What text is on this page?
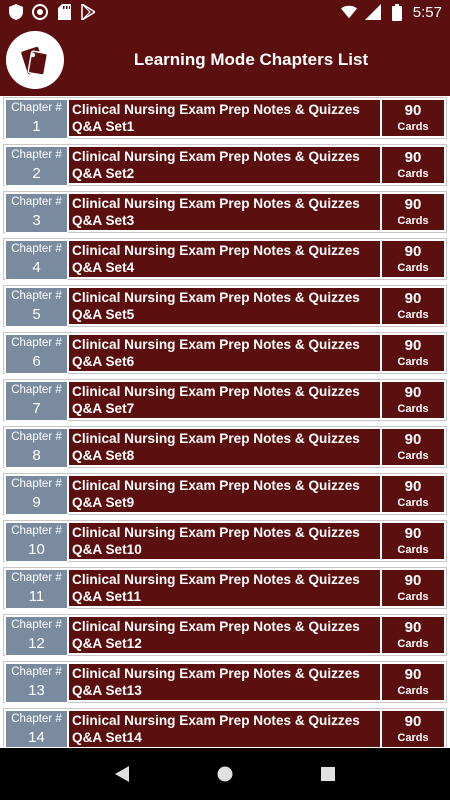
5:57
Learning Mode Chapters List
Chapter #
1
Clinical Nursing Exam Prep Notes & Quizzes Q&A Set1
90
Cards
Chapter #
2
Clinical Nursing Exam Prep Notes & Quizzes Q&A Set2
90
Cards
Chapter #
3
Clinical Nursing Exam Prep Notes & Quizzes Q&A Set3
90
Cards
Chapter #
4
Clinical Nursing Exam Prep Notes & Quizzes Q&A Set4
90
Cards
Chapter #
5
Clinical Nursing Exam Prep Notes & Quizzes Q&A Set5
90
Cards
Chapter #
6
Clinical Nursing Exam Prep Notes & Quizzes Q&A Set6
90
Cards
Chapter #
7
Clinical Nursing Exam Prep Notes & Quizzes Q&A Set7
90
Cards
Chapter #
8
Clinical Nursing Exam Prep Notes & Quizzes Q&A Set8
90
Cards
Chapter #
9
Clinical Nursing Exam Prep Notes & Quizzes Q&A Set9
90
Cards
Chapter #
10
Clinical Nursing Exam Prep Notes & Quizzes Q&A Set10
90
Cards
Chapter #
11
Clinical Nursing Exam Prep Notes & Quizzes Q&A Set11
90
Cards
Chapter #
12
Clinical Nursing Exam Prep Notes & Quizzes Q&A Set12
90
Cards
Chapter #
13
Clinical Nursing Exam Prep Notes & Quizzes Q&A Set13
90
Cards
Chapter #
14
Clinical Nursing Exam Prep Notes & Quizzes Q&A Set14
90
Cards
